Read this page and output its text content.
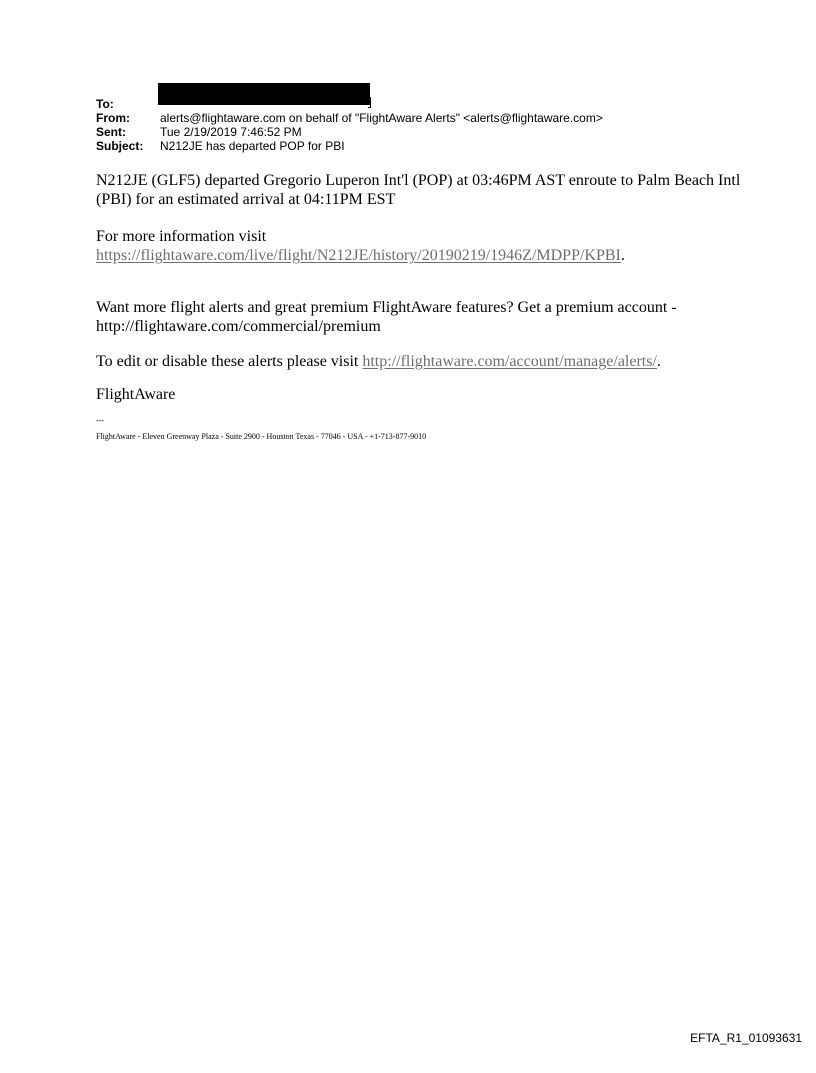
To:
From:	alerts@flightaware.com on behalf of "FlightAware Alerts" <alerts@flightaware.com>
Sent:	Tue 2/19/2019 7:46:52 PM
Subject:	N212JE has departed POP for PBI

N212JE (GLF5) departed Gregorio Luperon Int'l (POP) at 03:46PM AST enroute to Palm Beach Intl (PBI) for an estimated arrival at 04:11PM EST

For more information visit
https://flightaware.com/live/flight/N212JE/history/20190219/1946Z/MDPP/KPBI.

Want more flight alerts and great premium FlightAware features? Get a premium account - http://flightaware.com/commercial/premium

To edit or disable these alerts please visit http://flightaware.com/account/manage/alerts/.

FlightAware

---
FlightAware - Eleven Greenway Plaza - Suite 2900 - Houston Texas - 77046 - USA - +1-713-877-9010
EFTA_R1_01093631
